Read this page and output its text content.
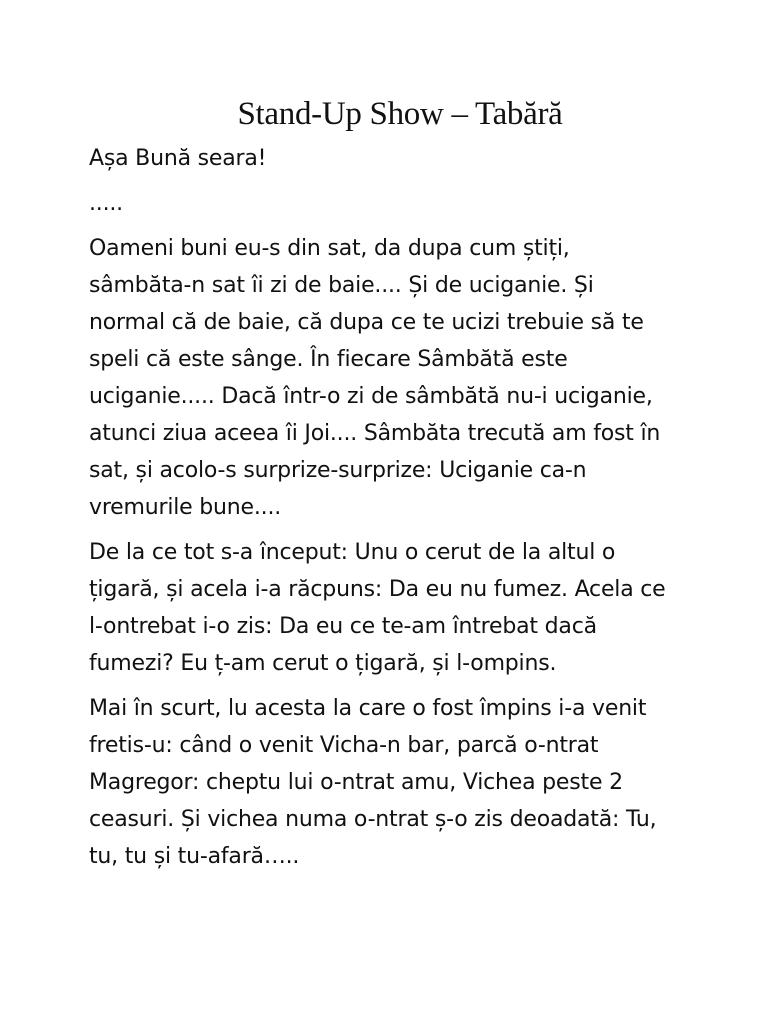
Stand-Up Show – Tabără

Așa Bună seara!

.....

Oameni buni eu-s din sat, da dupa cum știți,
sâmbăta-n sat îi zi de baie.... Și de uciganie. Și
normal că de baie, că dupa ce te ucizi trebuie să te
speli că este sânge. În fiecare Sâmbătă este
uciganie..... Dacă într-o zi de sâmbătă nu-i uciganie,
atunci ziua aceea îi Joi.... Sâmbăta trecută am fost în
sat, și acolo-s surprize-surprize: Uciganie ca-n
vremurile bune....

De la ce tot s-a început: Unu o cerut de la altul o
țigară, și acela i-a răcpuns: Da eu nu fumez. Acela ce
l-ontrebat i-o zis: Da eu ce te-am întrebat dacă
fumezi? Eu ț-am cerut o țigară, și l-ompins.

Mai în scurt, lu acesta la care o fost împins i-a venit
fretis-u: când o venit Vicha-n bar, parcă o-ntrat
Magregor: cheptu lui o-ntrat amu, Vichea peste 2
ceasuri. Și vichea numa o-ntrat ș-o zis deoadată: Tu,
tu, tu și tu-afară…..
